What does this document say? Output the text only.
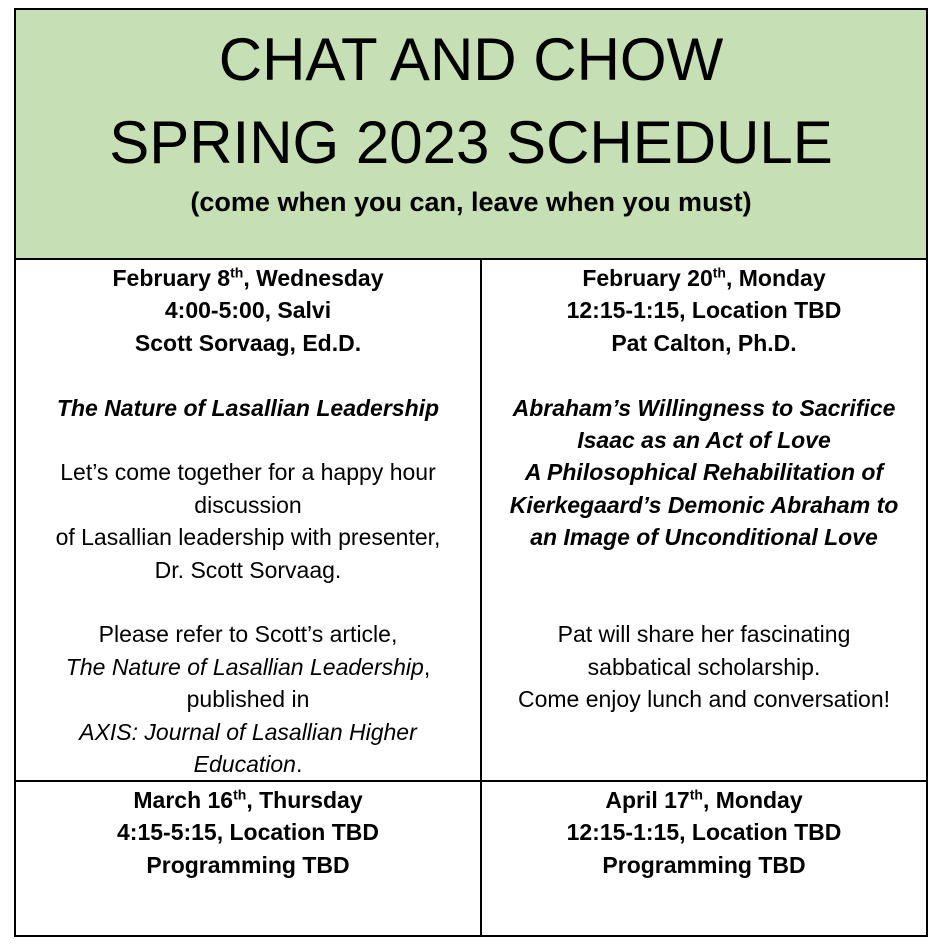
CHAT AND CHOW
SPRING 2023 SCHEDULE
(come when you can, leave when you must)
February 8th, Wednesday
4:00-5:00, Salvi
Scott Sorvaag, Ed.D.
The Nature of Lasallian Leadership
Let’s come together for a happy hour
discussion
of Lasallian leadership with presenter,
Dr. Scott Sorvaag.
Please refer to Scott’s article,
The Nature of Lasallian Leadership,
published in
AXIS: Journal of Lasallian Higher
Education.
February 20th, Monday
12:15-1:15, Location TBD
Pat Calton, Ph.D.
Abraham’s Willingness to Sacrifice
Isaac as an Act of Love
A Philosophical Rehabilitation of
Kierkegaard’s Demonic Abraham to
an Image of Unconditional Love
Pat will share her fascinating
sabbatical scholarship.
Come enjoy lunch and conversation!
March 16th, Thursday
4:15-5:15, Location TBD
Programming TBD
April 17th, Monday
12:15-1:15, Location TBD
Programming TBD
